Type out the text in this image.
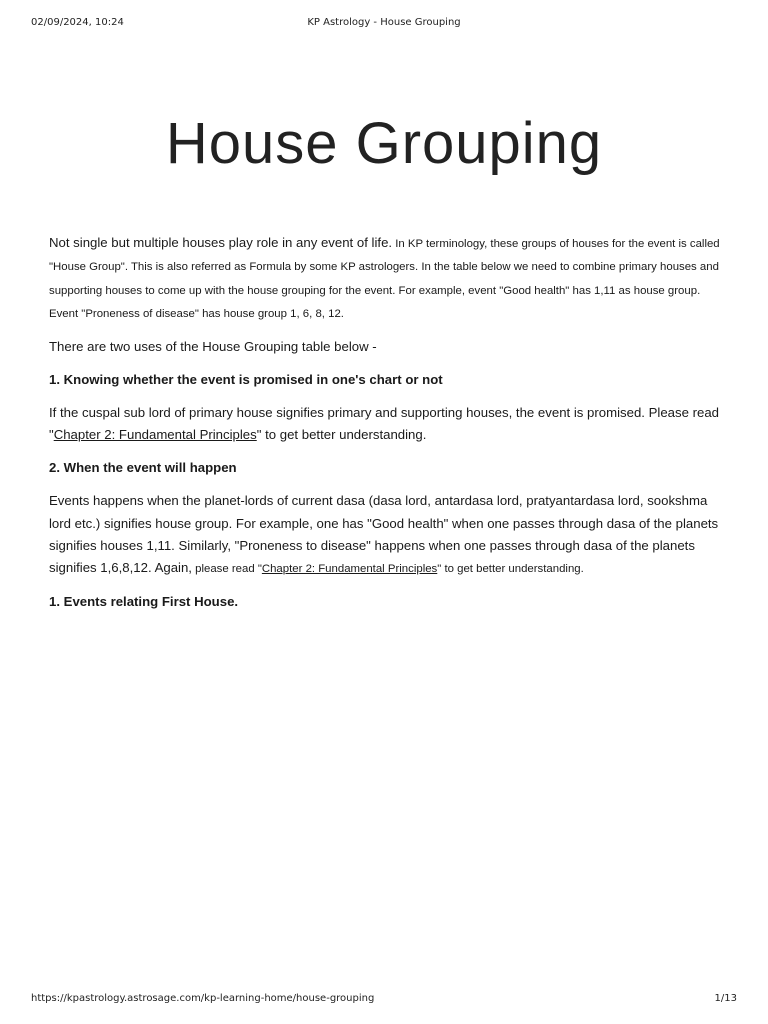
02/09/2024, 10:24	KP Astrology - House Grouping
House Grouping

Not single but multiple houses play role in any event of life. In KP terminology, these groups of houses for the event is called "House Group". This is also referred as Formula by some KP astrologers. In the table below we need to combine primary houses and supporting houses to come up with the house grouping for the event. For example, event "Good health" has 1,11 as house group. Event "Proneness of disease" has house group 1, 6, 8, 12.

There are two uses of the House Grouping table below -

1. Knowing whether the event is promised in one's chart or not

If the cuspal sub lord of primary house signifies primary and supporting houses, the event is promised. Please read "Chapter 2: Fundamental Principles" to get better understanding.

2. When the event will happen

Events happens when the planet-lords of current dasa (dasa lord, antardasa lord, pratyantardasa lord, sookshma lord etc.) signifies house group. For example, one has "Good health" when one passes through dasa of the planets signifies houses 1,11. Similarly, "Proneness to disease" happens when one passes through dasa of the planets signifies 1,6,8,12. Again, please read "Chapter 2: Fundamental Principles" to get better understanding.

1. Events relating First House.

https://kpastrology.astrosage.com/kp-learning-home/house-grouping	1/13
